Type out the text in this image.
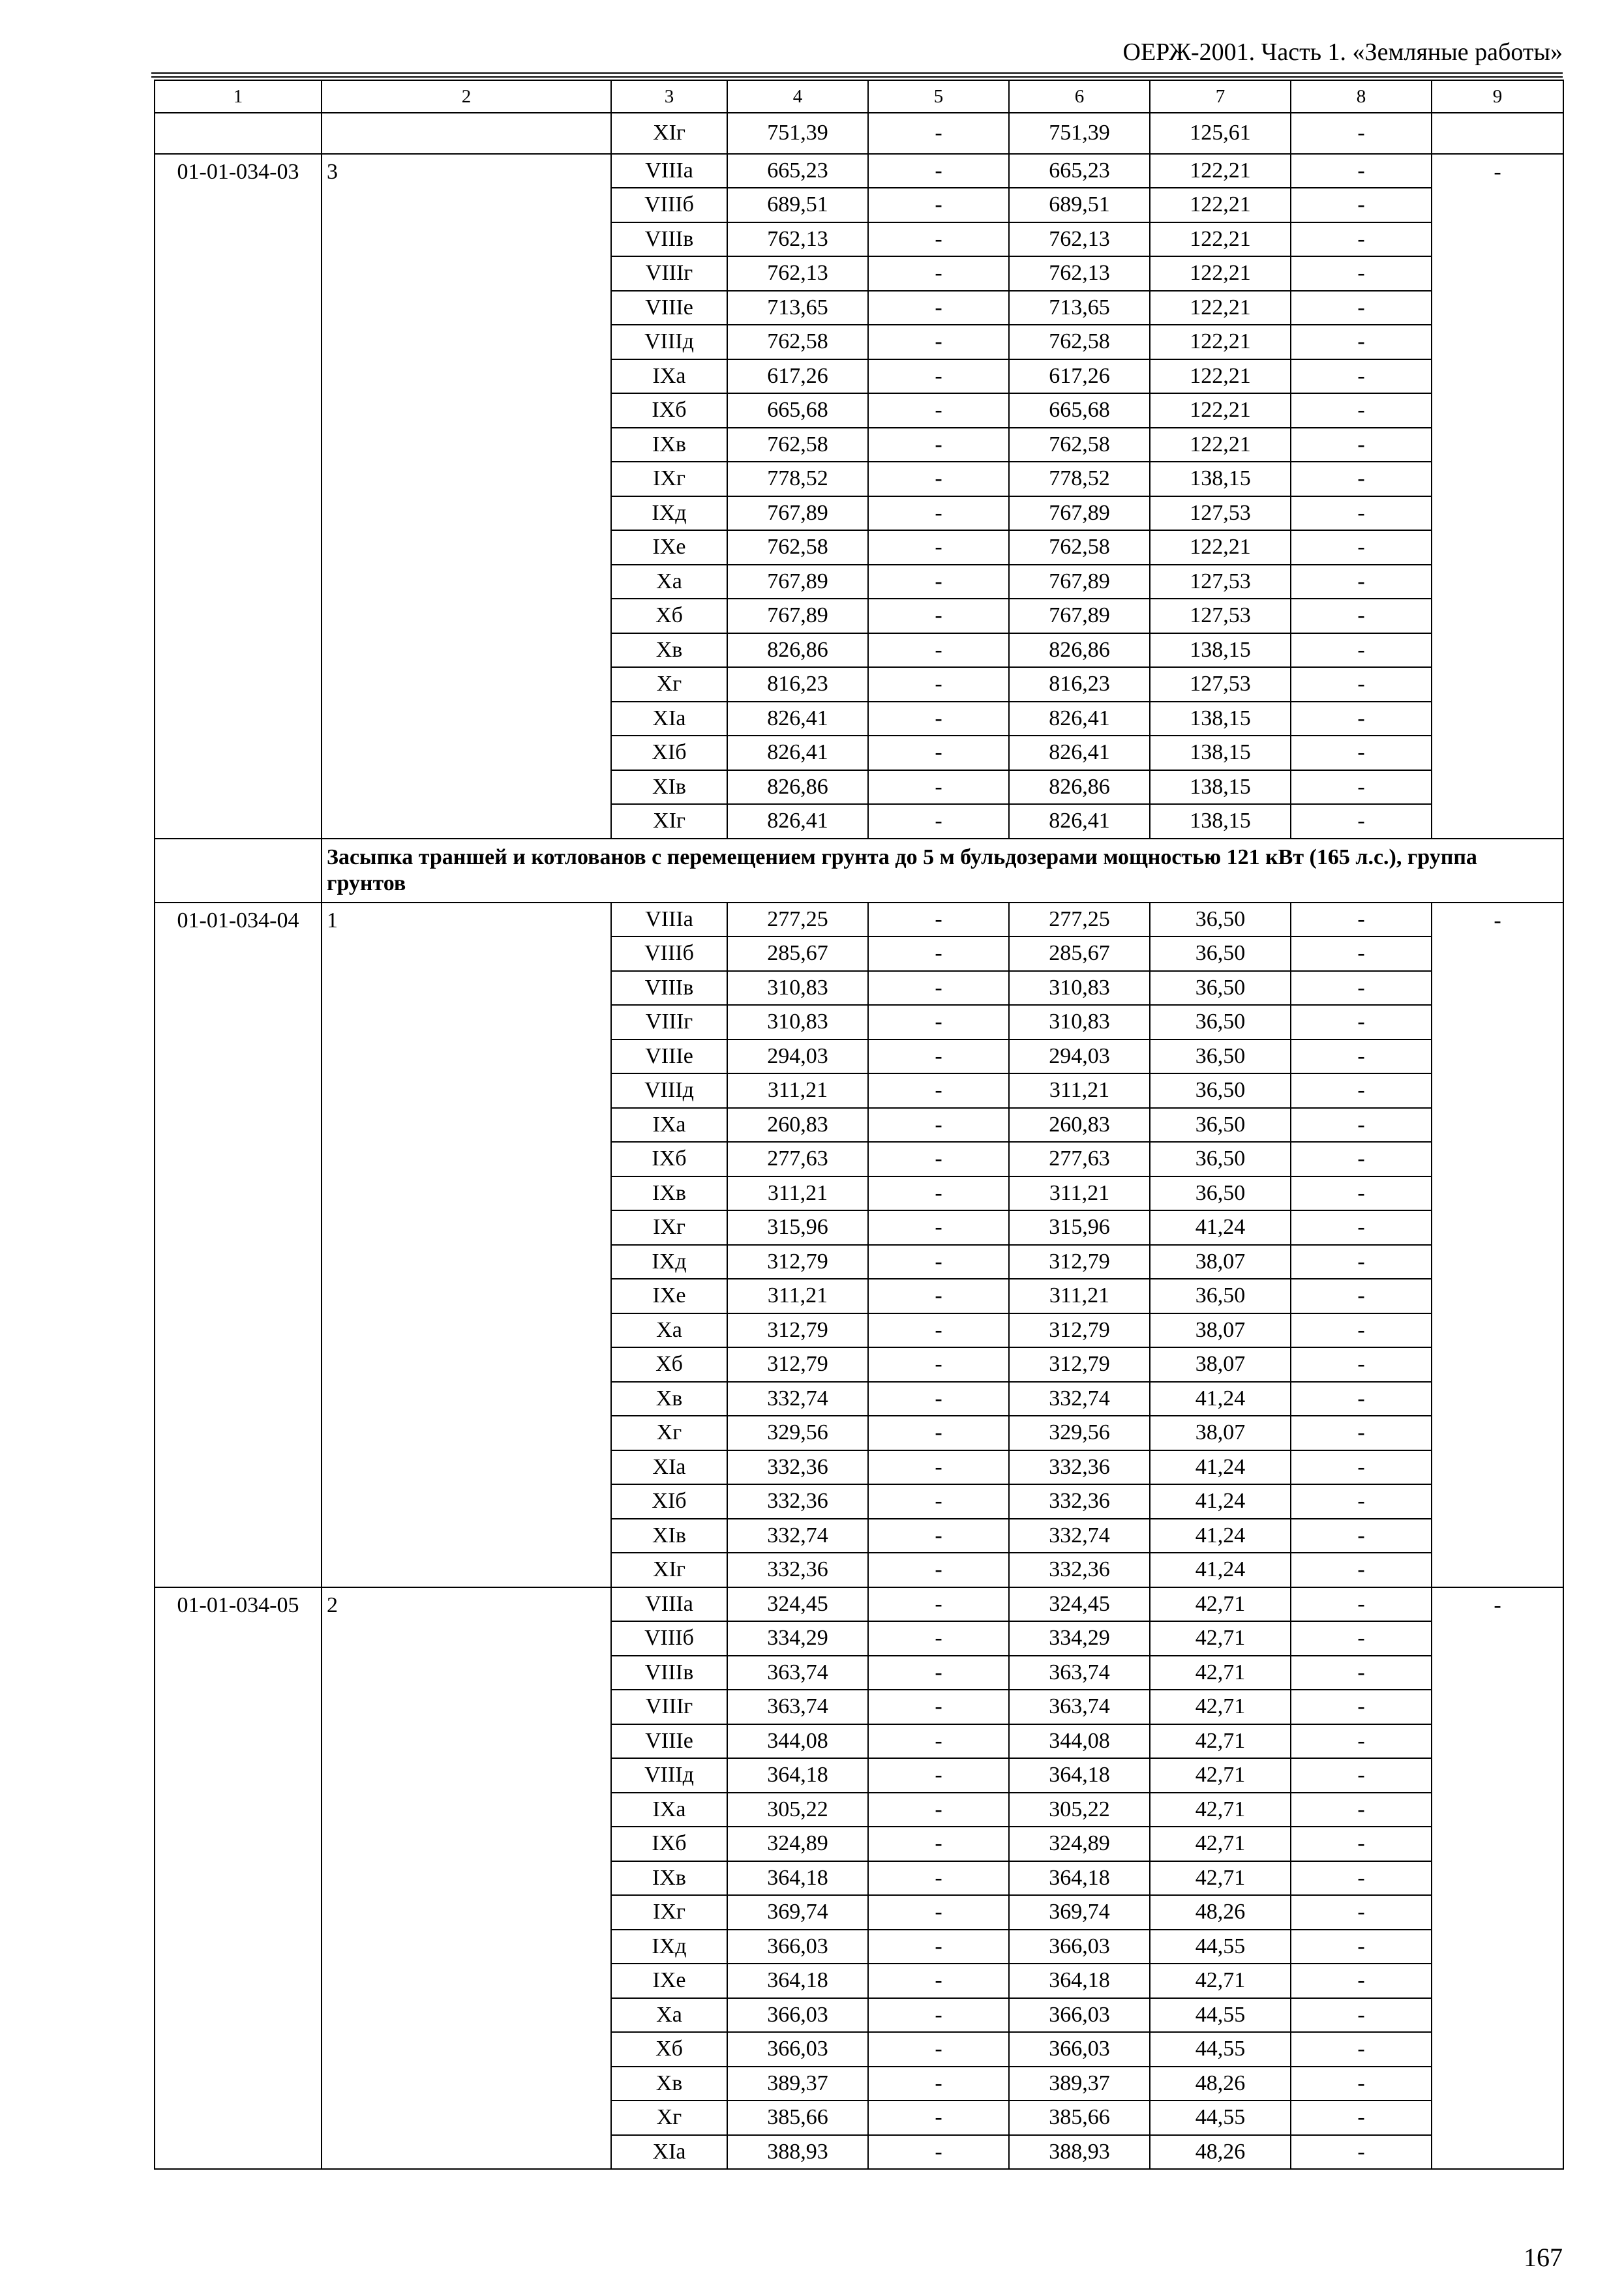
ОЕРЖ-2001. Часть 1. «Земляные работы»
1	2	3	4	5	6	7	8	9
		XIг	751,39	-	751,39	125,61	-	
01-01-034-03	3	VIIIа	665,23	-	665,23	122,21	-	-
		VIIIб	689,51	-	689,51	122,21	-	
		VIIIв	762,13	-	762,13	122,21	-	
		VIIIг	762,13	-	762,13	122,21	-	
		VIIIе	713,65	-	713,65	122,21	-	
		VIIIд	762,58	-	762,58	122,21	-	
		IXа	617,26	-	617,26	122,21	-	
		IXб	665,68	-	665,68	122,21	-	
		IXв	762,58	-	762,58	122,21	-	
		IXг	778,52	-	778,52	138,15	-	
		IXд	767,89	-	767,89	127,53	-	
		IXе	762,58	-	762,58	122,21	-	
		Xа	767,89	-	767,89	127,53	-	
		Xб	767,89	-	767,89	127,53	-	
		Xв	826,86	-	826,86	138,15	-	
		Xг	816,23	-	816,23	127,53	-	
		XIа	826,41	-	826,41	138,15	-	
		XIб	826,41	-	826,41	138,15	-	
		XIв	826,86	-	826,86	138,15	-	
		XIг	826,41	-	826,41	138,15	-	
	Засыпка траншей и котлованов с перемещением грунта до 5 м бульдозерами мощностью 121 кВт (165 л.с.), группа грунтов							
01-01-034-04	1	VIIIа	277,25	-	277,25	36,50	-	-
		VIIIб	285,67	-	285,67	36,50	-	
		VIIIв	310,83	-	310,83	36,50	-	
		VIIIг	310,83	-	310,83	36,50	-	
		VIIIе	294,03	-	294,03	36,50	-	
		VIIIд	311,21	-	311,21	36,50	-	
		IXа	260,83	-	260,83	36,50	-	
		IXб	277,63	-	277,63	36,50	-	
		IXв	311,21	-	311,21	36,50	-	
		IXг	315,96	-	315,96	41,24	-	
		IXд	312,79	-	312,79	38,07	-	
		IXе	311,21	-	311,21	36,50	-	
		Xа	312,79	-	312,79	38,07	-	
		Xб	312,79	-	312,79	38,07	-	
		Xв	332,74	-	332,74	41,24	-	
		Xг	329,56	-	329,56	38,07	-	
		XIа	332,36	-	332,36	41,24	-	
		XIб	332,36	-	332,36	41,24	-	
		XIв	332,74	-	332,74	41,24	-	
		XIг	332,36	-	332,36	41,24	-	
01-01-034-05	2	VIIIа	324,45	-	324,45	42,71	-	-
		VIIIб	334,29	-	334,29	42,71	-	
		VIIIв	363,74	-	363,74	42,71	-	
		VIIIг	363,74	-	363,74	42,71	-	
		VIIIе	344,08	-	344,08	42,71	-	
		VIIIд	364,18	-	364,18	42,71	-	
		IXа	305,22	-	305,22	42,71	-	
		IXб	324,89	-	324,89	42,71	-	
		IXв	364,18	-	364,18	42,71	-	
		IXг	369,74	-	369,74	48,26	-	
		IXд	366,03	-	366,03	44,55	-	
		IXе	364,18	-	364,18	42,71	-	
		Xа	366,03	-	366,03	44,55	-	
		Xб	366,03	-	366,03	44,55	-	
		Xв	389,37	-	389,37	48,26	-	
		Xг	385,66	-	385,66	44,55	-	
		XIа	388,93	-	388,93	48,26	-	
167
